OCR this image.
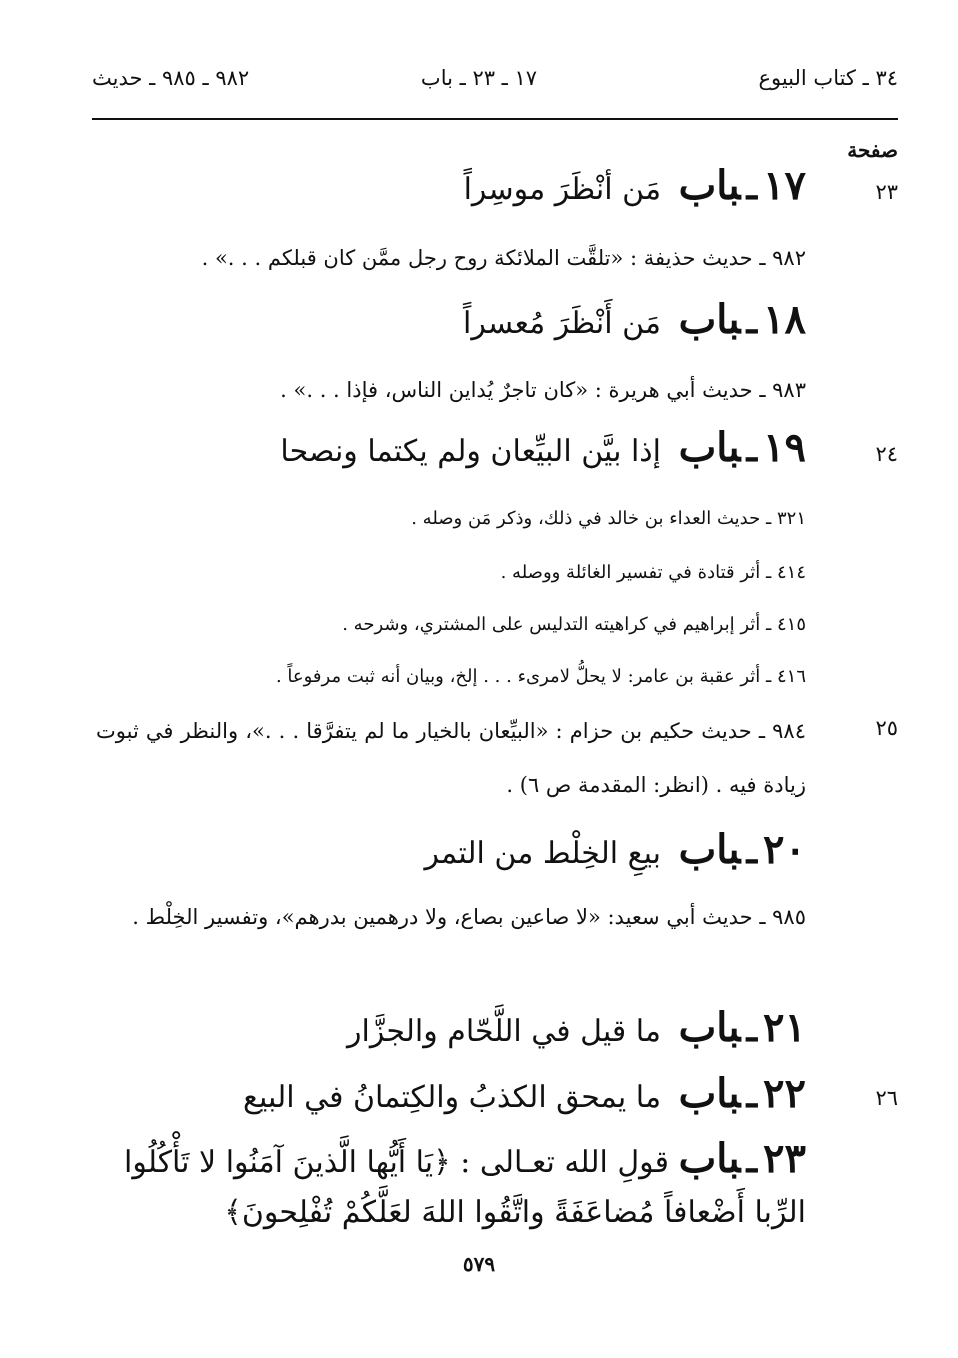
٣٤ ـ كتاب البيوع
١٧ ـ ٢٣ ـ باب
٩٨٢ ـ ٩٨٥ ـ حديث
صفحة
٢٣
٢٤
٢٥
٢٦
١٧ـباب مَن أنْظَرَ موسِراً
٩٨٢ ـ حديث حذيفة : «تلقَّت الملائكة روح رجل ممَّن كان قبلكم . . .» .
١٨ـباب مَن أَنْظَرَ مُعسراً
٩٨٣ ـ حديث أبي هريرة : «كان تاجرٌ يُداين الناس، فإذا . . .» .
١٩ـباب إذا بيَّن البيِّعان ولم يكتما ونصحا
٣٢١ ـ حديث العداء بن خالد في ذلك، وذكر مَن وصله .
٤١٤ ـ أثر قتادة في تفسير الغائلة ووصله .
٤١٥ ـ أثر إبراهيم في كراهيته التدليس على المشتري، وشرحه .
٤١٦ ـ أثر عقبة بن عامر: لا يحلُّ لامرىء . . . إلخ، وبيان أنه ثبت مرفوعاً .
٩٨٤ ـ حديث حكيم بن حزام : «البيِّعان بالخيار ما لم يتفرَّقا . . .»، والنظر في ثبوت زيادة فيه . (انظر: المقدمة ص ٦) .
٢٠ـباب بيعِ الخِلْط من التمر
٩٨٥ ـ حديث أبي سعيد: «لا صاعين بصاع، ولا درهمين بدرهم»، وتفسير الخِلْط .
٢١ـباب ما قيل في اللَّحّام والجزَّار
٢٢ـباب ما يمحق الكذبُ والكِتمانُ في البيع
٢٣ـباب قولِ الله تعـالى : ﴿يَا أَيُّها الَّذينَ آمَنُوا لا تَأْكُلُوا الرِّبا أَضْعافاً مُضاعَفَةً واتَّقُوا اللهَ لعَلَّكُمْ تُفْلِحونَ﴾
٥٧٩
